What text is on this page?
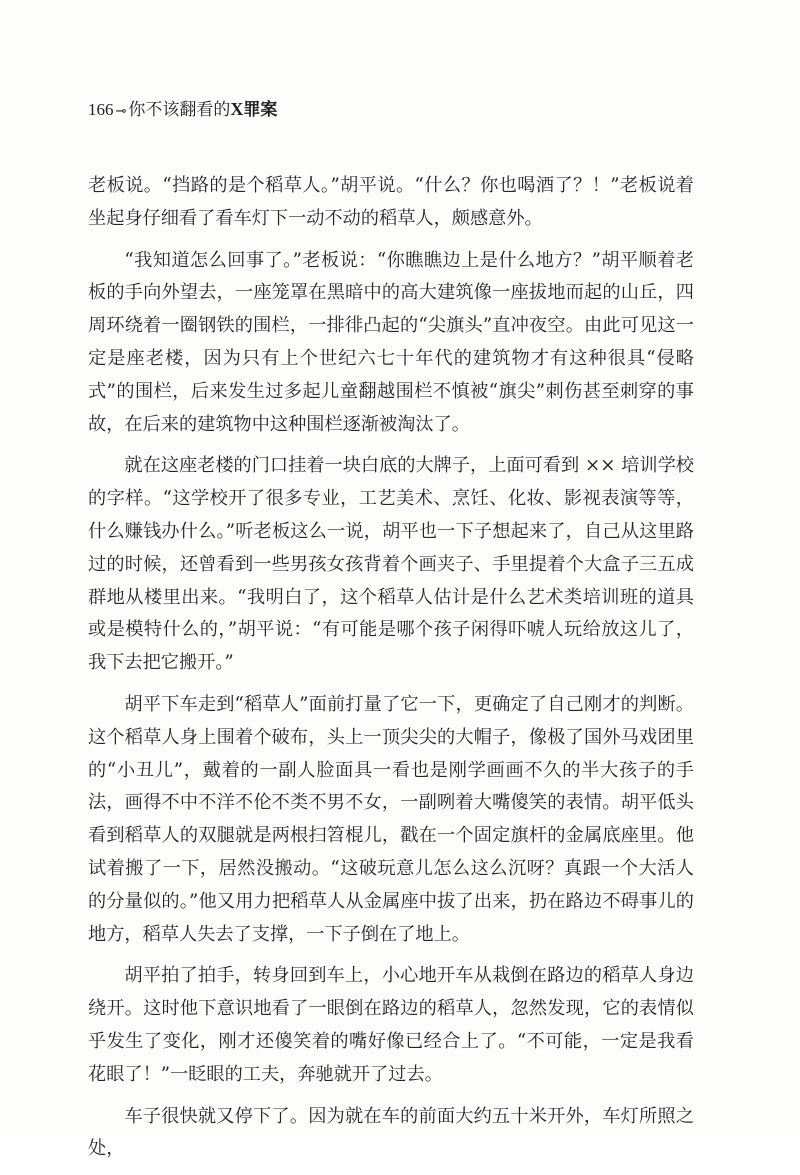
166 ⊸ 你不该翻看的X罪案

老板说。“挡路的是个稻草人。”胡平说。“什么？你也喝酒了？！”老板说着坐起身仔细看了看车灯下一动不动的稻草人，颇感意外。

“我知道怎么回事了。”老板说：“你瞧瞧边上是什么地方？”胡平顺着老板的手向外望去，一座笼罩在黑暗中的高大建筑像一座拔地而起的山丘，四周环绕着一圈钢铁的围栏，一排徘凸起的“尖旗头”直冲夜空。由此可见这一定是座老楼，因为只有上个世纪六七十年代的建筑物才有这种很具“侵略式”的围栏，后来发生过多起儿童翻越围栏不慎被“旗尖”刺伤甚至刺穿的事故，在后来的建筑物中这种围栏逐渐被淘汰了。

就在这座老楼的门口挂着一块白底的大牌子，上面可看到 ×× 培训学校的字样。“这学校开了很多专业，工艺美术、烹饪、化妆、影视表演等等，什么赚钱办什么。”听老板这么一说，胡平也一下子想起来了，自己从这里路过的时候，还曾看到一些男孩女孩背着个画夹子、手里提着个大盒子三五成群地从楼里出来。“我明白了，这个稻草人估计是什么艺术类培训班的道具或是模特什么的，”胡平说：“有可能是哪个孩子闲得吓唬人玩给放这儿了，我下去把它搬开。”

胡平下车走到“稻草人”面前打量了它一下，更确定了自己刚才的判断。这个稻草人身上围着个破布，头上一顶尖尖的大帽子，像极了国外马戏团里的“小丑儿”，戴着的一副人脸面具一看也是刚学画画不久的半大孩子的手法，画得不中不洋不伦不类不男不女，一副咧着大嘴傻笑的表情。胡平低头看到稻草人的双腿就是两根扫笤棍儿，戳在一个固定旗杆的金属底座里。他试着搬了一下，居然没搬动。“这破玩意儿怎么这么沉呀？真跟一个大活人的分量似的。”他又用力把稻草人从金属座中拔了出来，扔在路边不碍事儿的地方，稻草人失去了支撑，一下子倒在了地上。

胡平拍了拍手，转身回到车上，小心地开车从栽倒在路边的稻草人身边绕开。这时他下意识地看了一眼倒在路边的稻草人，忽然发现，它的表情似乎发生了变化，刚才还傻笑着的嘴好像已经合上了。“不可能，一定是我看花眼了！”一眨眼的工夫，奔驰就开了过去。

车子很快就又停下了。因为就在车的前面大约五十米开外，车灯所照之处，
